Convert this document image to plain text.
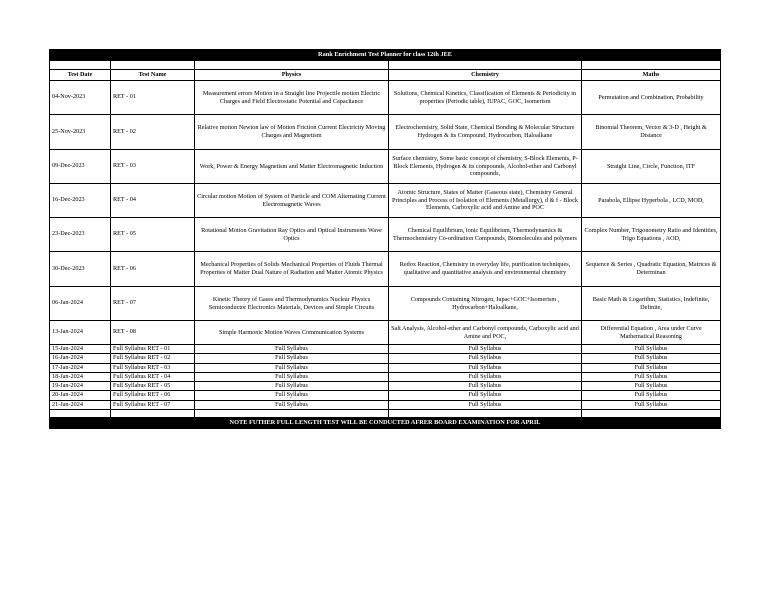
Rank Enrichment Test Planner for class 12th JEE				

Test Date	Test Name	Physics	Chemistry	Maths
04-Nov-2023	RET - 01	Measurement errors Motion in a Straight line Projectile motion Electric Charges and Field Electrostatic Potential and Capacitance	Solutions, Chemical Kinetics, Classification of Elements & Periodicity in properties (Periodic table), IUPAC, GOC, Isomerism	Permutation and Combination, Probability
25-Nov-2023	RET - 02	Relative motion Newton law of Motion Friction Current Electricity Moving Charges and Magnetism	Electrochemistry, Solid State, Chemical Bonding & Molecular Structure Hydrogen & its Compound, Hydrocarbon, Haloalkane	Binomial Theorem, Vector & 3-D , Height & Distance
09-Dec-2023	RET - 03	Work, Power & Energy Magnetism and Matter Electromagnetic Induction	Surface chemistry, Some basic concept of chemistry, S-Block Elements, P-Block Elements, Hydrogen & its compounds, Alcohol-ether and Carbonyl compounds,	Straight Line, Circle, Function, ITF
16-Dec-2023	RET - 04	Circular motion Motion of System of Particle and COM Alternating Current Electromagnetic Waves	Atomic Structure, States of Matter (Gaseous state), Chemistry General Principles and Process of Isolation of Elements (Metallurgy), d & f - Block Elements, Carboxylic acid and Amine and POC	Parabola, Ellipse Hyperbola , LCD, MOD,
23-Dec-2023	RET - 05	Rotational Motion Gravitation Ray Optics and Optical Instruments Wave Optics	Chemical Equilibrium, ionic Equilibrium, Thermodynamics & Thermochemistry Co-ordination Compounds, Biomolecules and polymers	Complex Number, Trigonometry Ratio and Identities, Trigo Equations , AOD,
30-Dec-2023	RET - 06	Mechanical Properties of Solids Mechanical Properties of Fluids Thermal Properties of Matter Dual Nature of Radiation and Matter Atomic Physics	Redox Reaction, Chemistry in everyday life, purification techniques, qualitative and quantitative analysis and environmental chemistry	Sequence & Series , Quadratic Equation, Matrices & Determinan
06-Jan-2024	RET - 07	Kinetic Theory of Gases and Thermodynamics Nuclear Physics Semiconductor Electronics Materials, Devices and Simple Circuits	Compounds Containing Nitrogen, Iupac+GOC+Isomerism , Hydrocarbon+Haloalkane,	Basic Math & Logarithm, Statistics, Indefinite, Definite,
13-Jan-2024	RET - 08	Simple Harmonic Motion Waves Communication Systems	Salt Analysis, Alcohol-ether and Carbonyl compounds, Carboxylic acid and Amine and POC,	Differential Equation , Area under Curve Mathematical Reasoning
15-Jan-2024	Full Syllabus RET - 01	Full Syllabus	Full Syllabus	Full Syllabus
16-Jan-2024	Full Syllabus RET - 02	Full Syllabus	Full Syllabus	Full Syllabus
17-Jan-2024	Full Syllabus RET - 03	Full Syllabus	Full Syllabus	Full Syllabus
18-Jan-2024	Full Syllabus RET - 04	Full Syllabus	Full Syllabus	Full Syllabus
19-Jan-2024	Full Syllabus RET - 05	Full Syllabus	Full Syllabus	Full Syllabus
20-Jan-2024	Full Syllabus RET - 06	Full Syllabus	Full Syllabus	Full Syllabus
21-Jan-2024	Full Syllabus RET - 07	Full Syllabus	Full Syllabus	Full Syllabus

NOTE FUTHER FULL LENGTH TEST WILL BE CONDUCTED AFRER BOARD EXAMINATION FOR APRIL				
